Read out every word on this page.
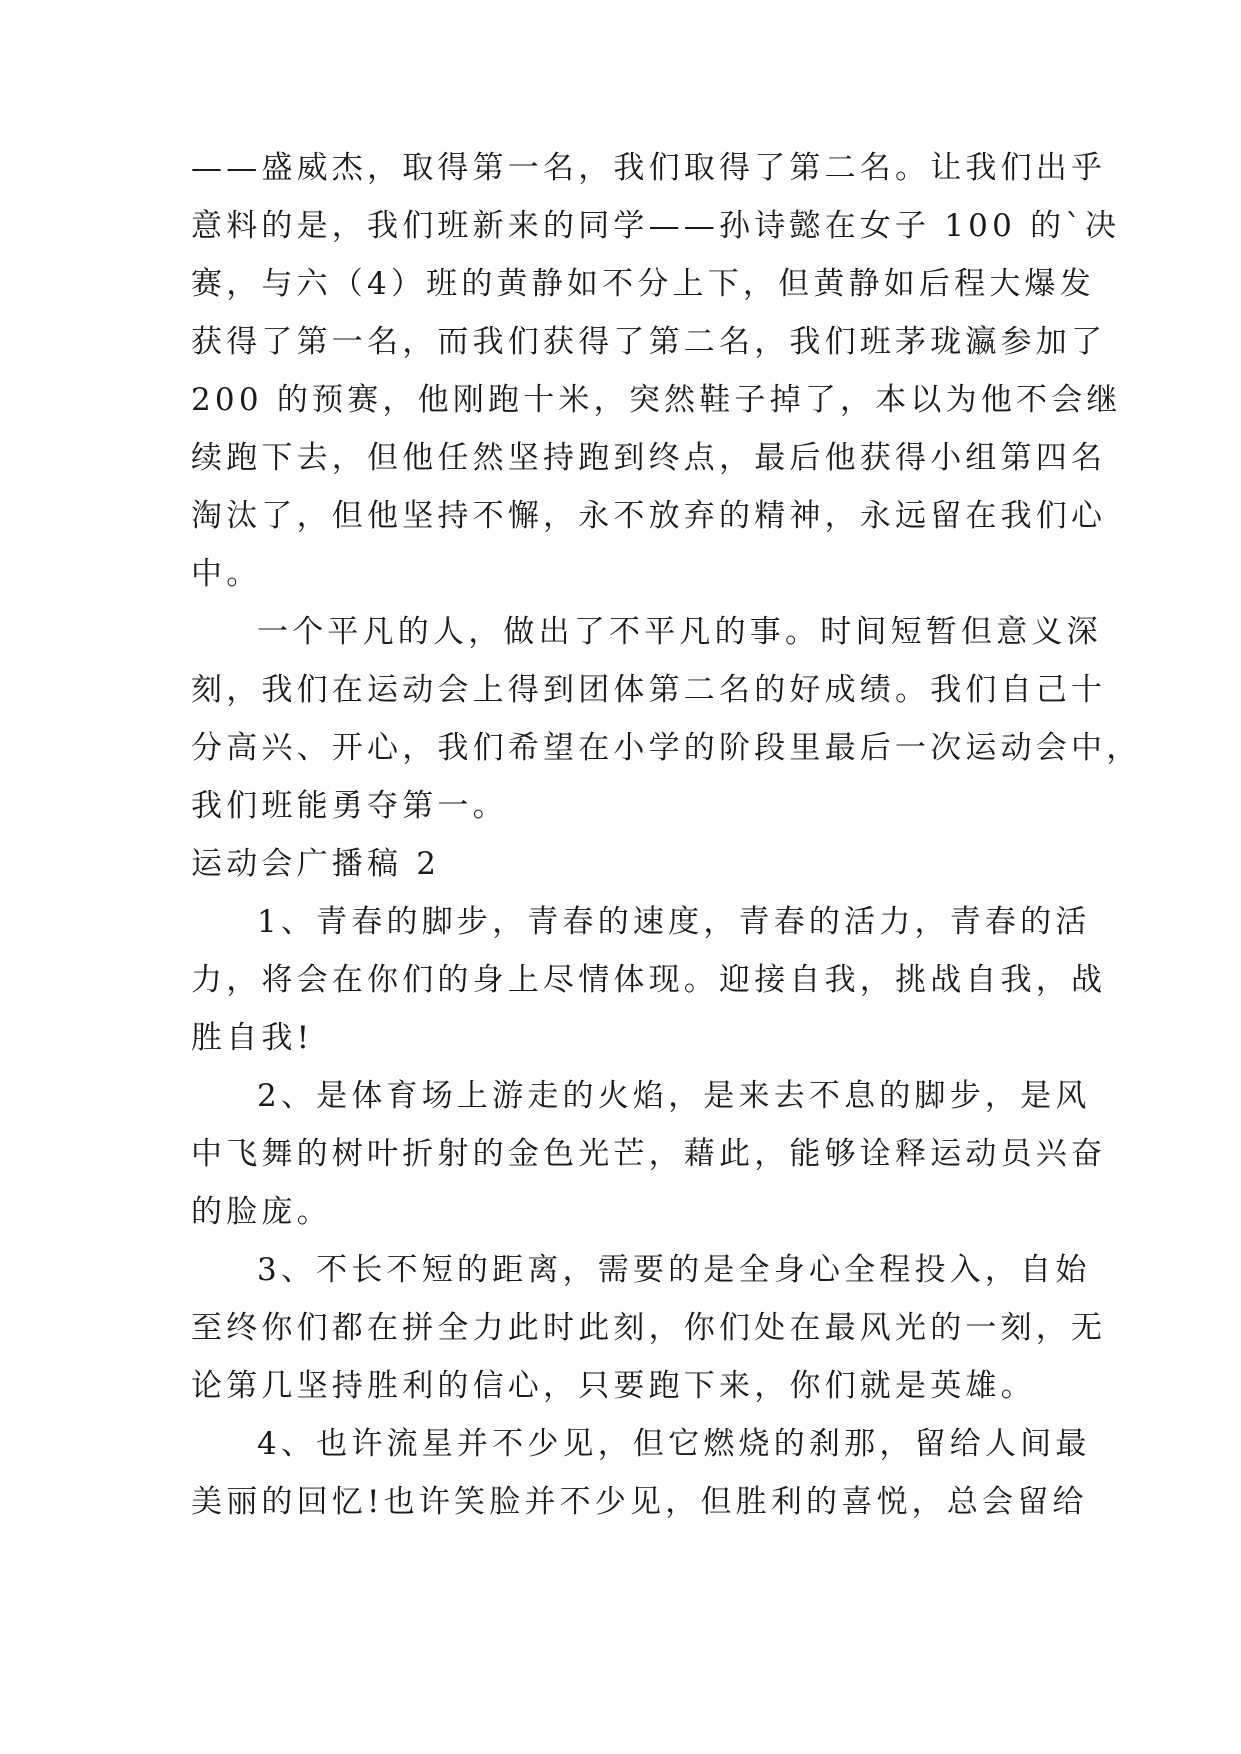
——盛威杰，取得第一名，我们取得了第二名。让我们出乎
意料的是，我们班新来的同学——孙诗懿在女子 100 的`决
赛，与六（4）班的黄静如不分上下，但黄静如后程大爆发
获得了第一名，而我们获得了第二名，我们班茅珑瀛参加了
200 的预赛，他刚跑十米，突然鞋子掉了，本以为他不会继
续跑下去，但他任然坚持跑到终点，最后他获得小组第四名
淘汰了，但他坚持不懈，永不放弃的精神，永远留在我们心
中。
一个平凡的人，做出了不平凡的事。时间短暂但意义深
刻，我们在运动会上得到团体第二名的好成绩。我们自己十
分高兴、开心，我们希望在小学的阶段里最后一次运动会中，
我们班能勇夺第一。
运动会广播稿 2
1、青春的脚步，青春的速度，青春的活力，青春的活
力，将会在你们的身上尽情体现。迎接自我，挑战自我，战
胜自我!
2、是体育场上游走的火焰，是来去不息的脚步，是风
中飞舞的树叶折射的金色光芒，藉此，能够诠释运动员兴奋
的脸庞。
3、不长不短的距离，需要的是全身心全程投入，自始
至终你们都在拼全力此时此刻，你们处在最风光的一刻，无
论第几坚持胜利的信心，只要跑下来，你们就是英雄。
4、也许流星并不少见，但它燃烧的刹那，留给人间最
美丽的回忆!也许笑脸并不少见，但胜利的喜悦，总会留给
